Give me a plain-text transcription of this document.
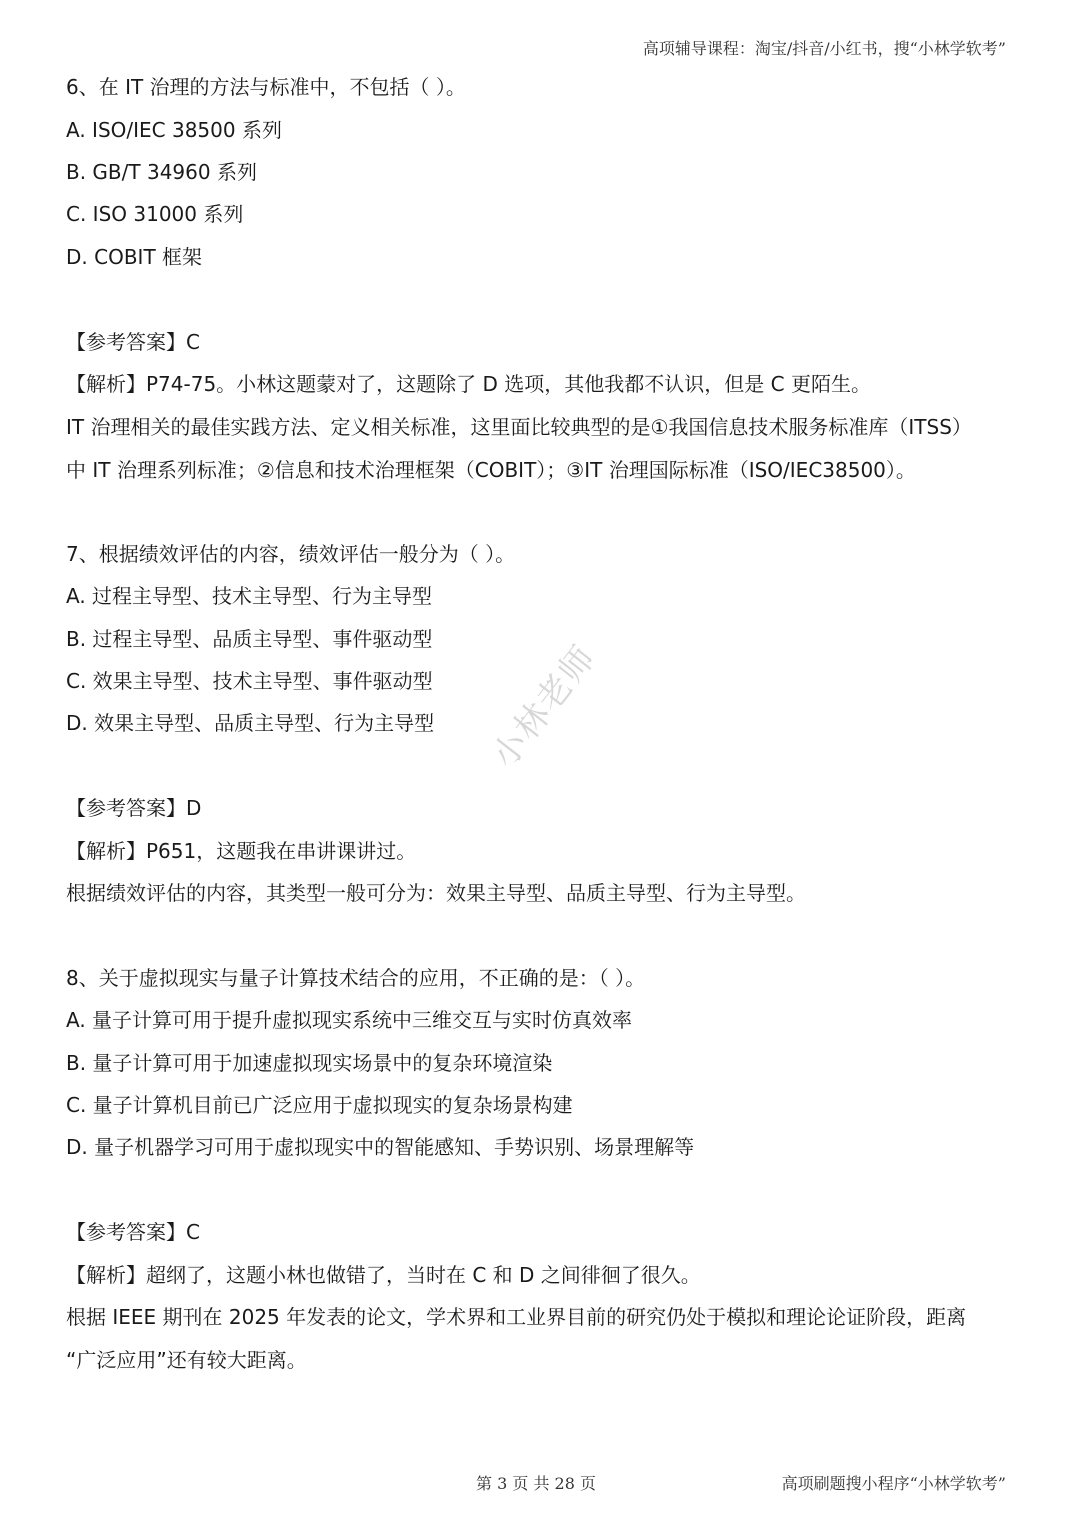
高项辅导课程：淘宝/抖音/小红书，搜“小林学软考”
6、在 IT 治理的方法与标准中，不包括（ ）。
A. ISO/IEC 38500 系列
B. GB/T 34960 系列
C. ISO 31000 系列
D. COBIT 框架
【参考答案】C
【解析】P74-75。小林这题蒙对了，这题除了 D 选项，其他我都不认识，但是 C 更陌生。
IT 治理相关的最佳实践方法、定义相关标准，这里面比较典型的是①我国信息技术服务标准库（ITSS）
中 IT 治理系列标准；②信息和技术治理框架（COBIT）；③IT 治理国际标准（ISO/IEC38500）。
7、根据绩效评估的内容，绩效评估一般分为（ ）。
A. 过程主导型、技术主导型、行为主导型
B. 过程主导型、品质主导型、事件驱动型
C. 效果主导型、技术主导型、事件驱动型
D. 效果主导型、品质主导型、行为主导型
【参考答案】D
【解析】P651，这题我在串讲课讲过。
根据绩效评估的内容，其类型一般可分为：效果主导型、品质主导型、行为主导型。
8、关于虚拟现实与量子计算技术结合的应用，不正确的是：（ ）。
A. 量子计算可用于提升虚拟现实系统中三维交互与实时仿真效率
B. 量子计算可用于加速虚拟现实场景中的复杂环境渲染
C. 量子计算机目前已广泛应用于虚拟现实的复杂场景构建
D. 量子机器学习可用于虚拟现实中的智能感知、手势识别、场景理解等
【参考答案】C
【解析】超纲了，这题小林也做错了，当时在 C 和 D 之间徘徊了很久。
根据 IEEE 期刊在 2025 年发表的论文，学术界和工业界目前的研究仍处于模拟和理论论证阶段，距离
“广泛应用”还有较大距离。
小林老师
第 3 页 共 28 页	高项刷题搜小程序“小林学软考”
